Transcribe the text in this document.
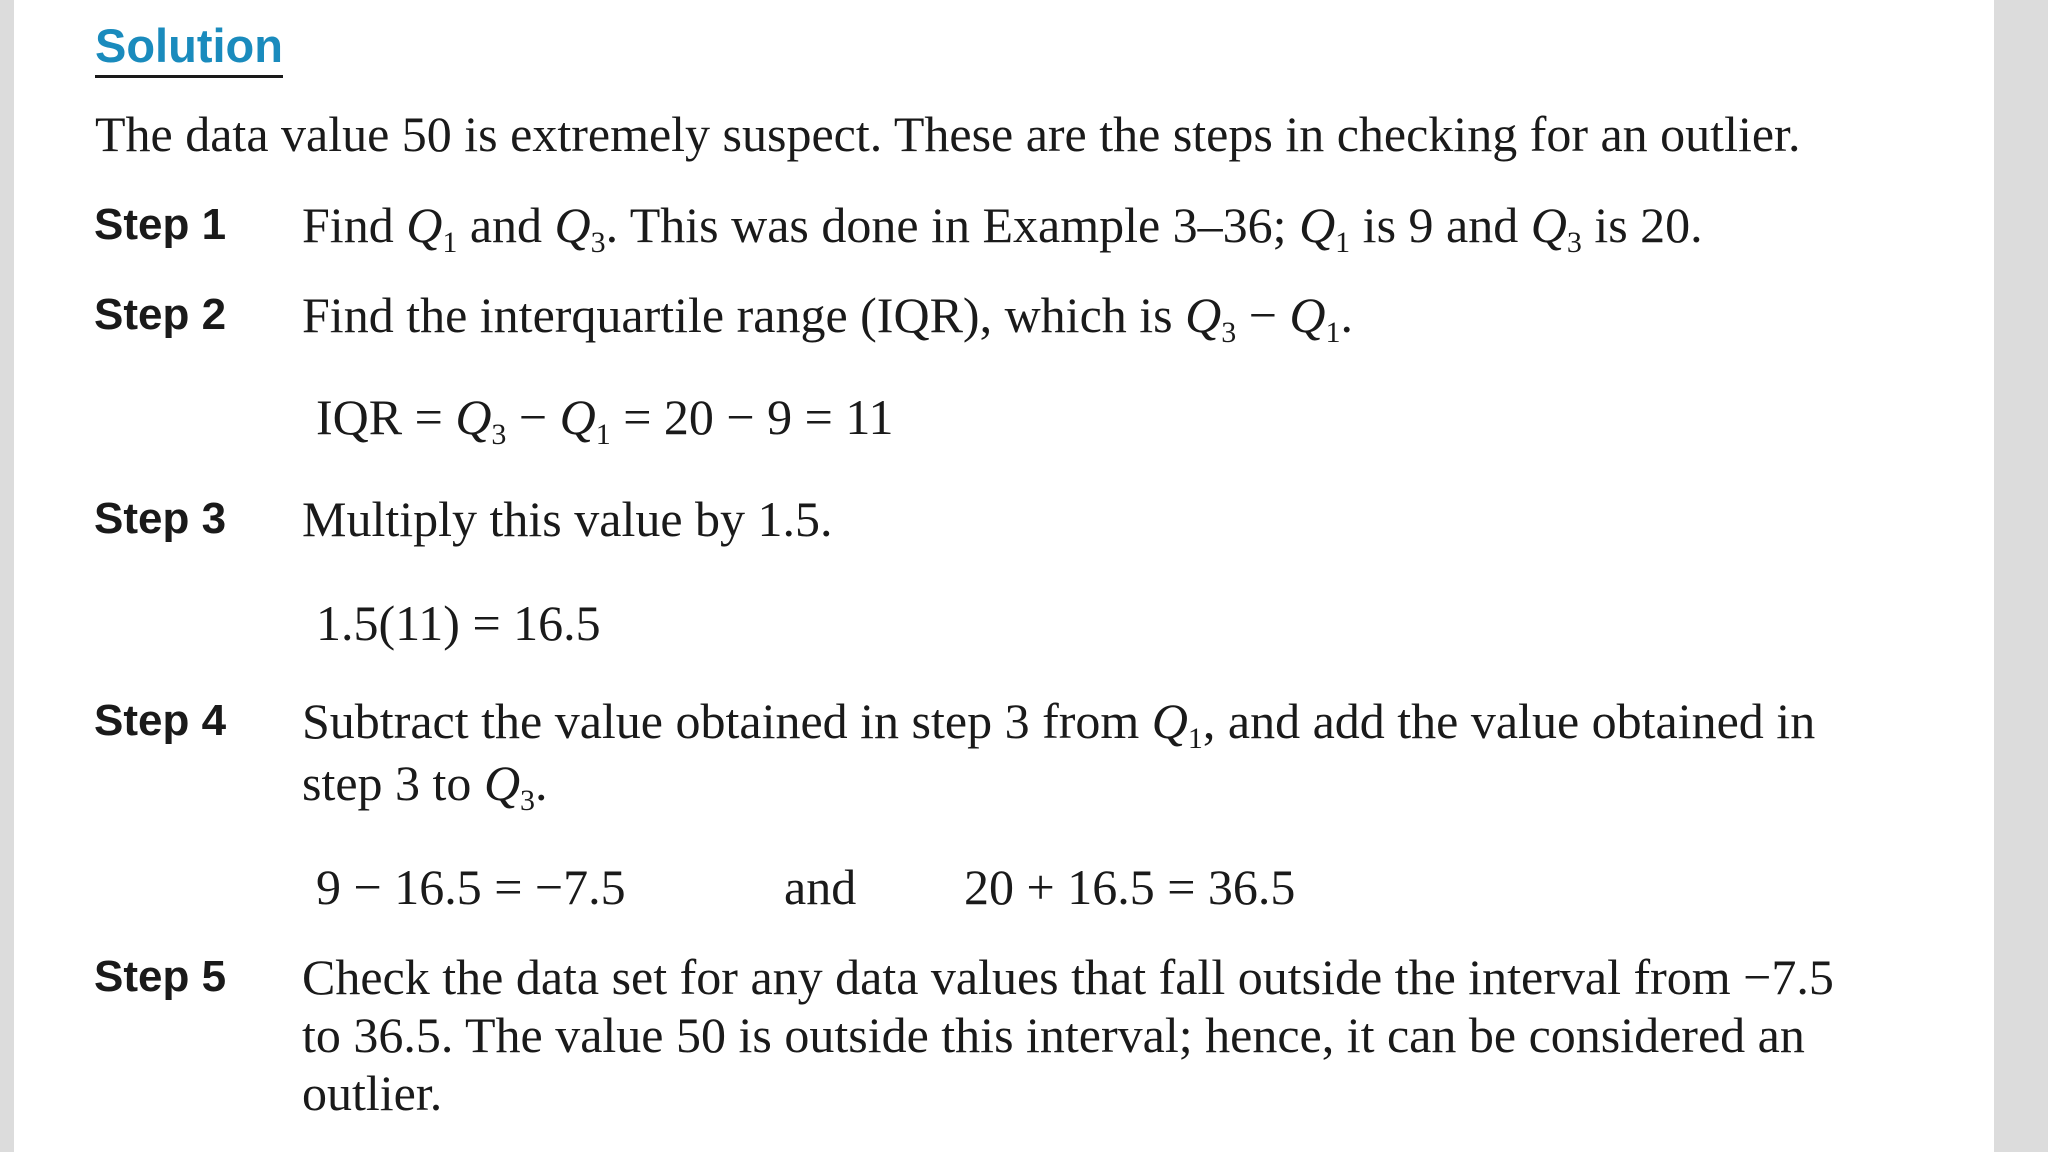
Solution
The data value 50 is extremely suspect. These are the steps in checking for an outlier.
Step 1 Find $Q_1$ and $Q_3$. This was done in Example 3–36; $Q_1$ is 9 and $Q_3$ is 20.
Step 2 Find the interquartile range (IQR), which is $Q_3 - Q_1$.
IQR = $Q_3 - Q_1 = 20 - 9 = 11$
Step 3 Multiply this value by 1.5.
1.5(11) = 16.5
Step 4 Subtract the value obtained in step 3 from $Q_1$, and add the value obtained in
step 3 to $Q_3$.
9 − 16.5 = −7.5	and 20 + 16.5 = 36.5
Step 5 Check the data set for any data values that fall outside the interval from −7.5
to 36.5. The value 50 is outside this interval; hence, it can be considered an
outlier.
